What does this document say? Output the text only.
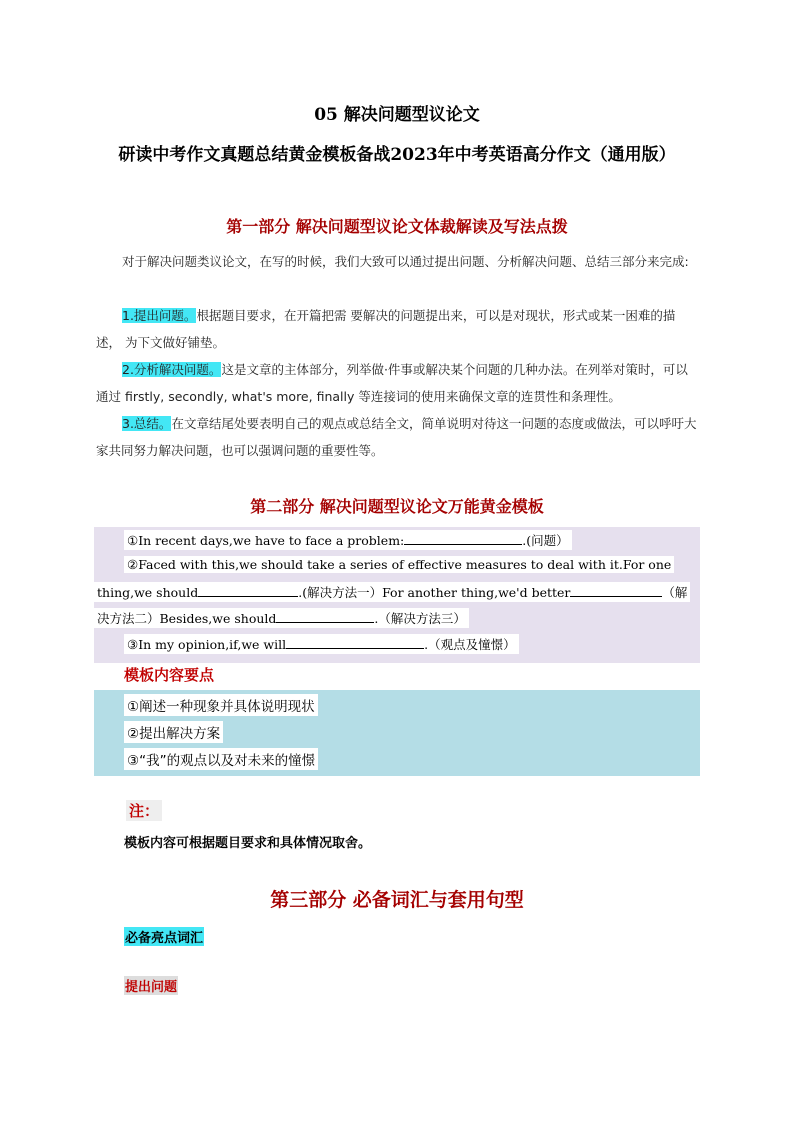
05 解决问题型议论文
研读中考作文真题总结黄金模板备战2023年中考英语高分作文（通用版）
第一部分 解决问题型议论文体裁解读及写法点拨
对于解决问题类议论文，在写的时候，我们大致可以通过提出问题、分析解决问题、总结三部分来完成:
1.提出问题。根据题目要求，在开篇把需 要解决的问题提出来，可以是对现状，形式或某一困难的描述， 为下文做好铺垫。
2.分析解决问题。这是文章的主体部分，列举做·件事或解决某个问题的几种办法。在列举对策时，可以通过 firstly, secondly, what's more, finally 等连接词的使用来确保文章的连贯性和条理性。
3.总结。在文章结尾处要表明自己的观点或总结全文，简单说明对待这一问题的态度或做法，可以呼吁大家共同努力解决问题，也可以强调问题的重要性等。
第二部分 解决问题型议论文万能黄金模板
①In recent days,we have to face a problem:	.(问题）
②Faced with this,we should take a series of effective measures to deal with it.For one
thing,we should	.(解决方法一）For another thing,we'd better	（解
决方法二）Besides,we should	.（解决方法三）
③In my opinion,if,we will	.（观点及憧憬）
模板内容要点
①阐述一种现象并具体说明现状
②提出解决方案
③“我”的观点以及对未来的憧憬
注：
模板内容可根据题目要求和具体情况取舍。
第三部分 必备词汇与套用句型
必备亮点词汇
提出问题
